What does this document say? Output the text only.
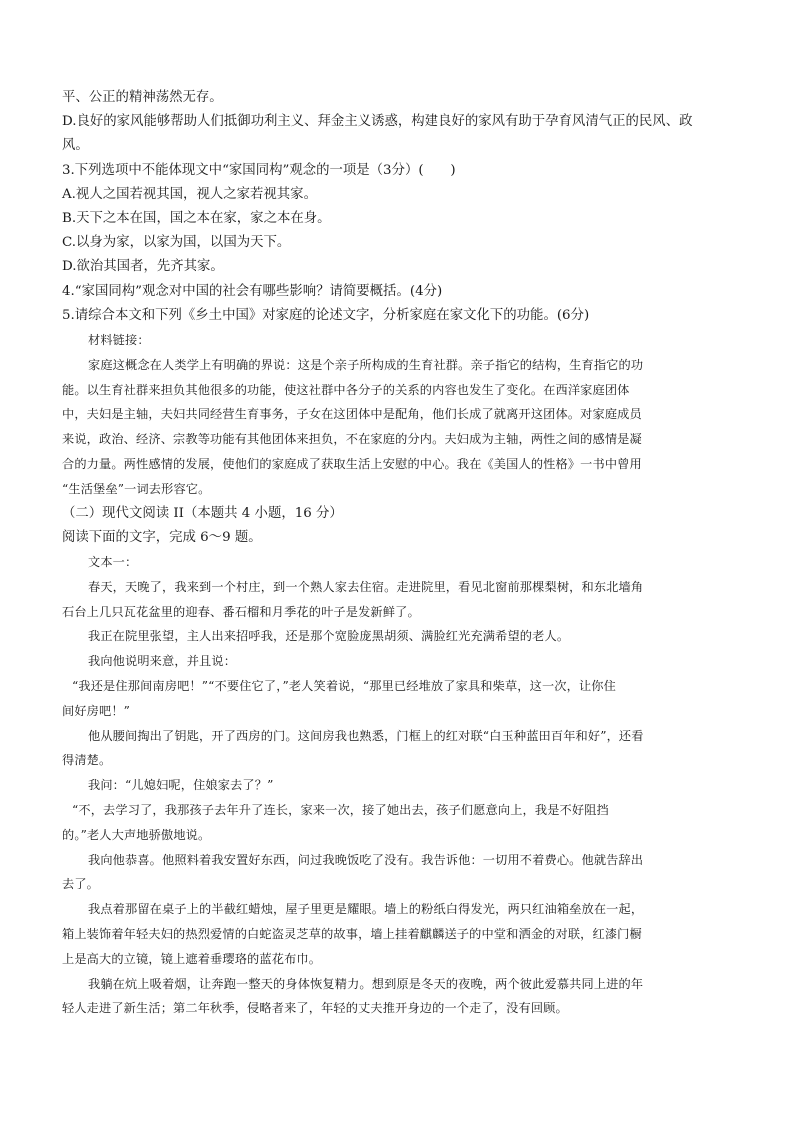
平、公正的精神荡然无存。

D.良好的家风能够帮助人们抵御功利主义、拜金主义诱惑，构建良好的家风有助于孕育风清气正的民风、政

风。

3.下列选项中不能体现文中“家国同构”观念的一项是（3分）(　　)

A.视人之国若视其国，视人之家若视其家。

B.天下之本在国，国之本在家，家之本在身。

C.以身为家，以家为国，以国为天下。

D.欲治其国者，先齐其家。

4.“家国同构”观念对中国的社会有哪些影响？请简要概括。(4分)

5.请综合本文和下列《乡土中国》对家庭的论述文字，分析家庭在家文化下的功能。(6分)

材料链接：

家庭这概念在人类学上有明确的界说：这是个亲子所构成的生育社群。亲子指它的结构，生育指它的功

能。以生育社群来担负其他很多的功能，使这社群中各分子的关系的内容也发生了变化。在西洋家庭团体

中，夫妇是主轴，夫妇共同经营生育事务，子女在这团体中是配角，他们长成了就离开这团体。对家庭成员

来说，政治、经济、宗教等功能有其他团体来担负，不在家庭的分内。夫妇成为主轴，两性之间的感情是凝

合的力量。两性感情的发展，使他们的家庭成了获取生活上安慰的中心。我在《美国人的性格》一书中曾用

“生活堡垒”一词去形容它。

（二）现代文阅读 II（本题共 4 小题，16 分）

阅读下面的文字，完成 6～9 题。

文本一：

春天，天晚了，我来到一个村庄，到一个熟人家去住宿。走进院里，看见北窗前那棵梨树，和东北墙角

石台上几只瓦花盆里的迎春、番石榴和月季花的叶子是发新鲜了。

我正在院里张望，主人出来招呼我，还是那个宽脸庞黑胡须、满脸红光充满希望的老人。

我向他说明来意，并且说：

“我还是住那间南房吧！”“不要住它了，”老人笑着说，“那里已经堆放了家具和柴草，这一次，让你住

间好房吧！”

他从腰间掏出了钥匙，开了西房的门。这间房我也熟悉，门框上的红对联“白玉种蓝田百年和好”，还看

得清楚。

我问：“儿媳妇呢，住娘家去了？”

“不，去学习了，我那孩子去年升了连长，家来一次，接了她出去，孩子们愿意向上，我是不好阻挡

的。”老人大声地骄傲地说。

我向他恭喜。他照料着我安置好东西，问过我晚饭吃了没有。我告诉他：一切用不着费心。他就告辞出

去了。

我点着那留在桌子上的半截红蜡烛，屋子里更是耀眼。墙上的粉纸白得发光，两只红油箱垒放在一起，

箱上装饰着年轻夫妇的热烈爱情的白蛇盗灵芝草的故事，墙上挂着麒麟送子的中堂和洒金的对联，红漆门橱

上是高大的立镜，镜上遮着垂璎珞的蓝花布巾。

我躺在炕上吸着烟，让奔跑一整天的身体恢复精力。想到原是冬天的夜晚，两个彼此爱慕共同上进的年

轻人走进了新生活；第二年秋季，侵略者来了，年轻的丈夫推开身边的一个走了，没有回顾。
